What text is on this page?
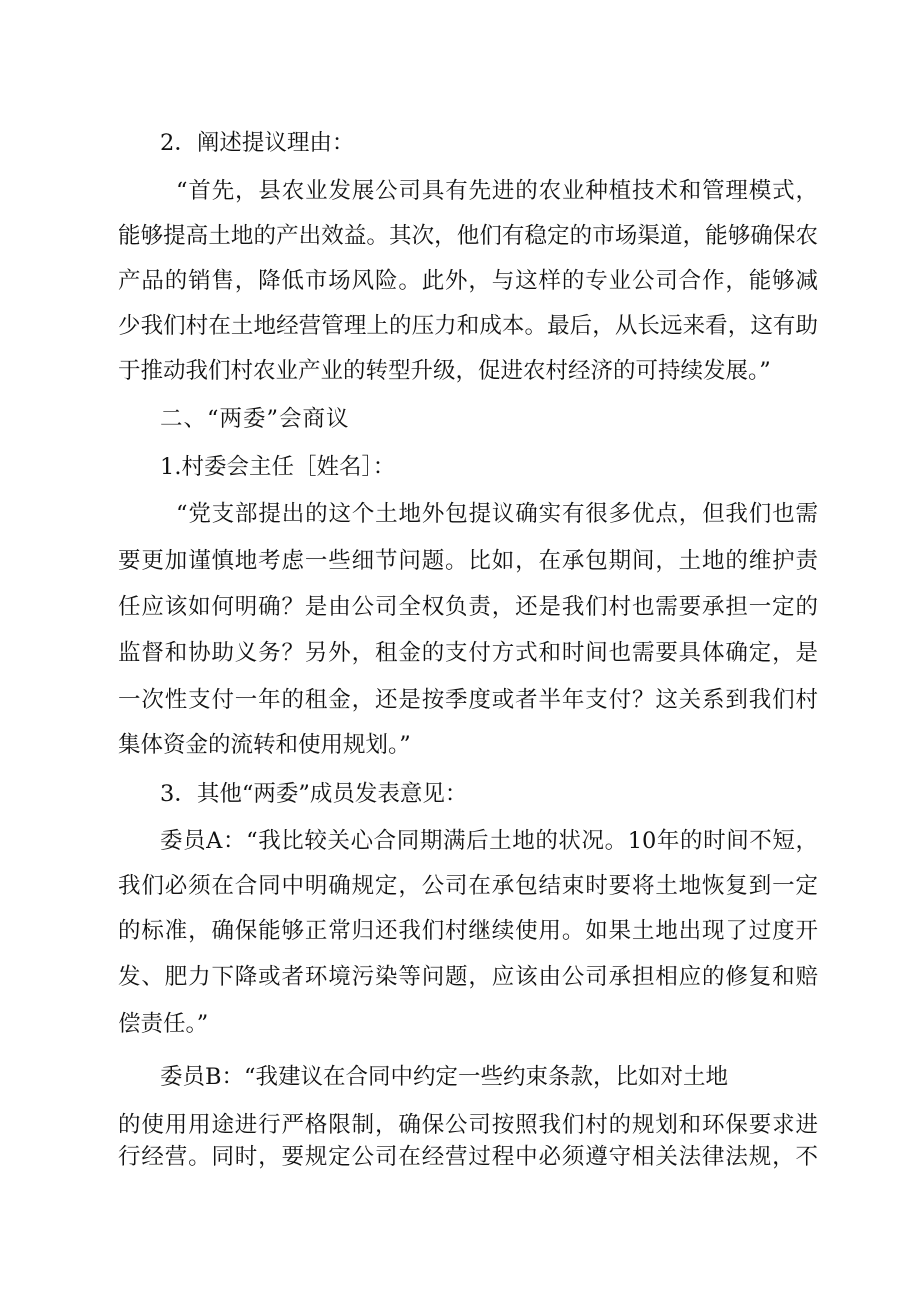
2．阐述提议理由：
“首先，县农业发展公司具有先进的农业种植技术和管理模式，
能够提高土地的产出效益。其次，他们有稳定的市场渠道，能够确保农
产品的销售，降低市场风险。此外，与这样的专业公司合作，能够减
少我们村在土地经营管理上的压力和成本。最后，从长远来看，这有助
于推动我们村农业产业的转型升级，促进农村经济的可持续发展。”
二、“两委”会商议
1.村委会主任［姓名］：
“党支部提出的这个土地外包提议确实有很多优点，但我们也需
要更加谨慎地考虑一些细节问题。比如，在承包期间，土地的维护责
任应该如何明确？是由公司全权负责，还是我们村也需要承担一定的
监督和协助义务？另外，租金的支付方式和时间也需要具体确定，是
一次性支付一年的租金，还是按季度或者半年支付？这关系到我们村
集体资金的流转和使用规划。”
3．其他“两委”成员发表意见：
委员A：“我比较关心合同期满后土地的状况。10年的时间不短，
我们必须在合同中明确规定，公司在承包结束时要将土地恢复到一定
的标准，确保能够正常归还我们村继续使用。如果土地出现了过度开
发、肥力下降或者环境污染等问题，应该由公司承担相应的修复和赔
偿责任。”
委员B：“我建议在合同中约定一些约束条款，比如对土地
的使用用途进行严格限制，确保公司按照我们村的规划和环保要求进
行经营。同时，要规定公司在经营过程中必须遵守相关法律法规，不
